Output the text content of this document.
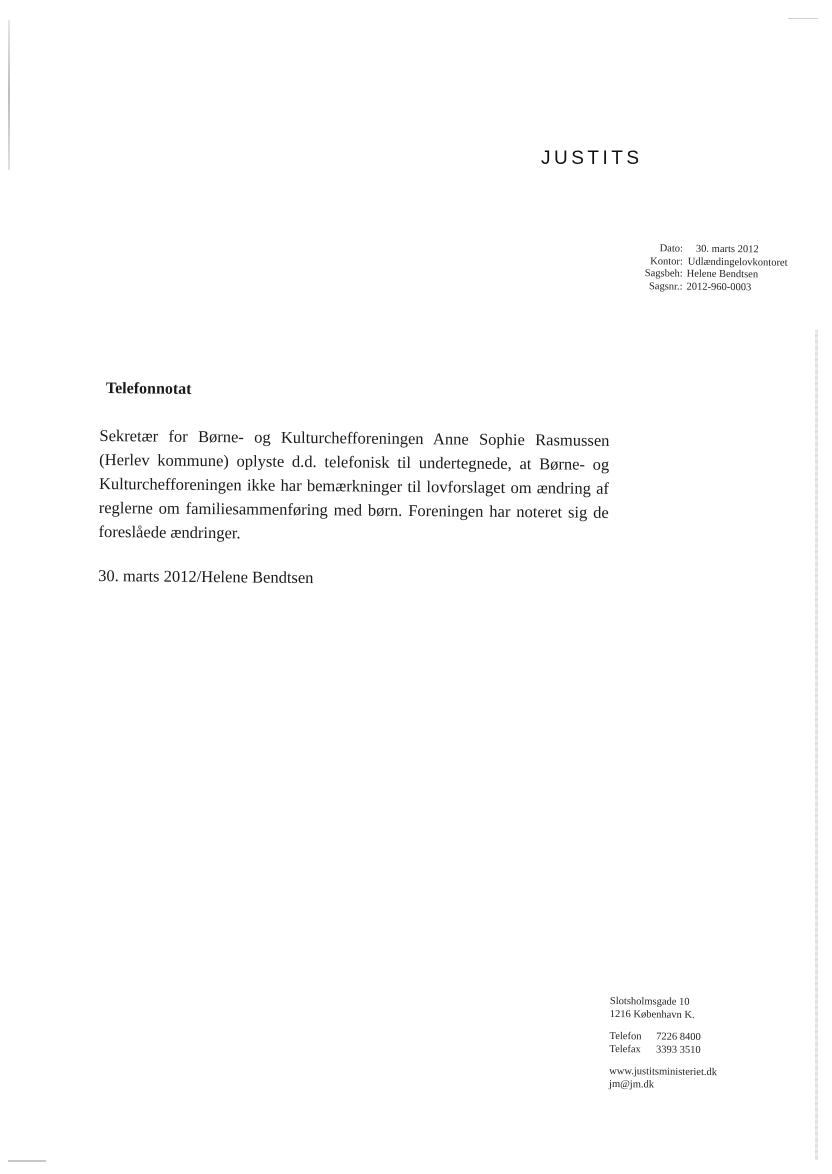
JUSTITS
Dato:	30. marts 2012
Kontor: Udlændingelovkontoret
Sagsbeh: Helene Bendtsen
Sagsnr.: 2012-960-0003
Telefonnotat

Sekretær for Børne- og Kulturchefforeningen Anne Sophie Rasmussen (Herlev kommune) oplyste d.d. telefonisk til undertegnede, at Børne- og Kulturchefforeningen ikke har bemærkninger til lovforslaget om ændring af reglerne om familiesammenføring med børn. Foreningen har noteret sig de foreslåede ændringer.

30. marts 2012/Helene Bendtsen
Slotsholmsgade 10
1216 København K.
Telefon 7226 8400
Telefax 3393 3510
www.justitsministeriet.dk
jm@jm.dk
